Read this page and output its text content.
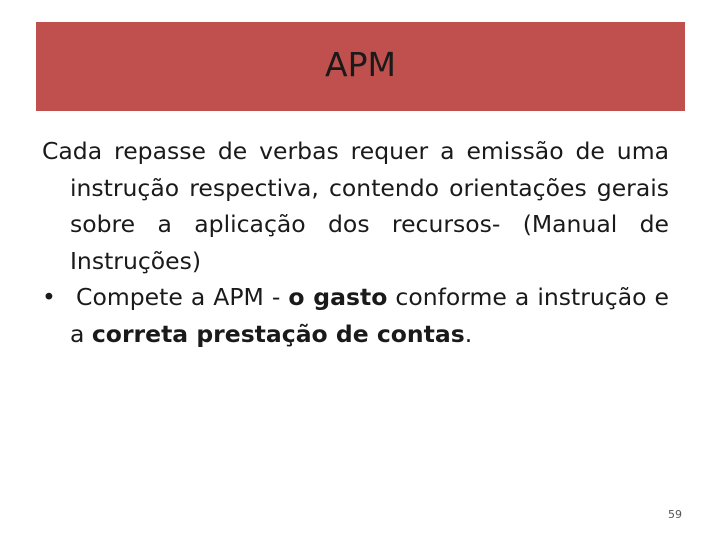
APM

Cada repasse de verbas requer a emissão de uma instrução respectiva, contendo orientações gerais sobre a aplicação dos recursos- (Manual de Instruções)

• Compete a APM - o gasto conforme a instrução e a correta prestação de contas.

59
